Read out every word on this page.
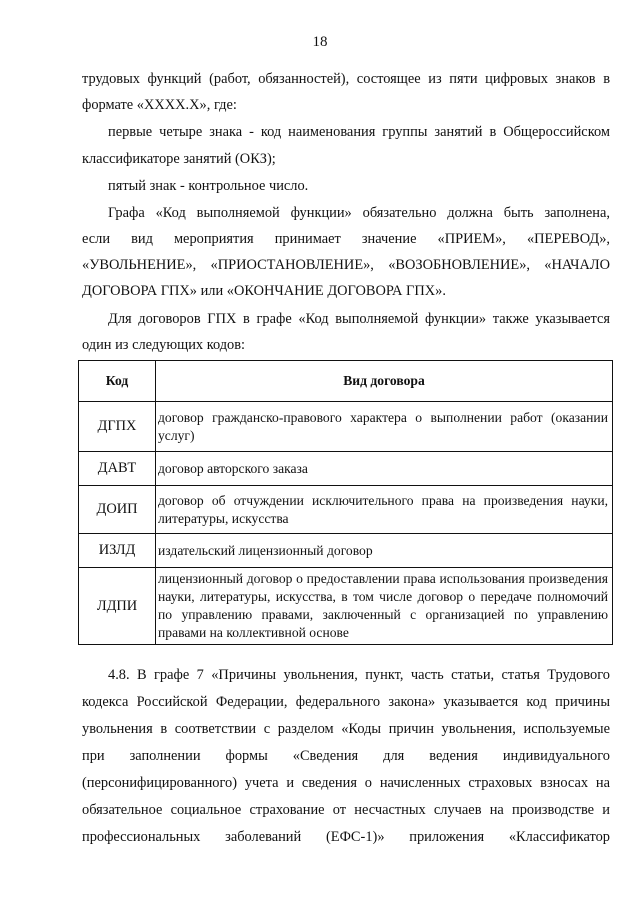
18

трудовых функций (работ, обязанностей), состоящее из пяти цифровых знаков в

формате «ХХХХ.Х», где:

первые четыре знака - код наименования группы занятий в Общероссийском

классификаторе занятий (ОКЗ);

пятый знак - контрольное число.

Графа «Код выполняемой функции» обязательно должна быть заполнена,

если вид мероприятия принимает значение «ПРИЕМ», «ПЕРЕВОД»,

«УВОЛЬНЕНИЕ», «ПРИОСТАНОВЛЕНИЕ», «ВОЗОБНОВЛЕНИЕ», «НАЧАЛО

ДОГОВОРА ГПХ» или «ОКОНЧАНИЕ ДОГОВОРА ГПХ».

Для договоров ГПХ в графе «Код выполняемой функции» также указывается

один из следующих кодов:

Код	Вид договора
ДГПХ	договор гражданско-правового характера о выполнении работ (оказании услуг)
ДАВТ	договор авторского заказа
ДОИП	договор об отчуждении исключительного права на произведения науки, литературы, искусства
ИЗЛД	издательский лицензионный договор
ЛДПИ	лицензионный договор о предоставлении права использования произведения науки, литературы, искусства, в том числе договор о передаче полномочий по управлению правами, заключенный с организацией по управлению правами на коллективной основе

4.8. В графе 7 «Причины увольнения, пункт, часть статьи, статья Трудового

кодекса Российской Федерации, федерального закона» указывается код причины

увольнения в соответствии с разделом «Коды причин увольнения, используемые

при заполнении формы «Сведения для ведения индивидуального

(персонифицированного) учета и сведения о начисленных страховых взносах на

обязательное социальное страхование от несчастных случаев на производстве и

профессиональных заболеваний (ЕФС-1)» приложения «Классификатор
